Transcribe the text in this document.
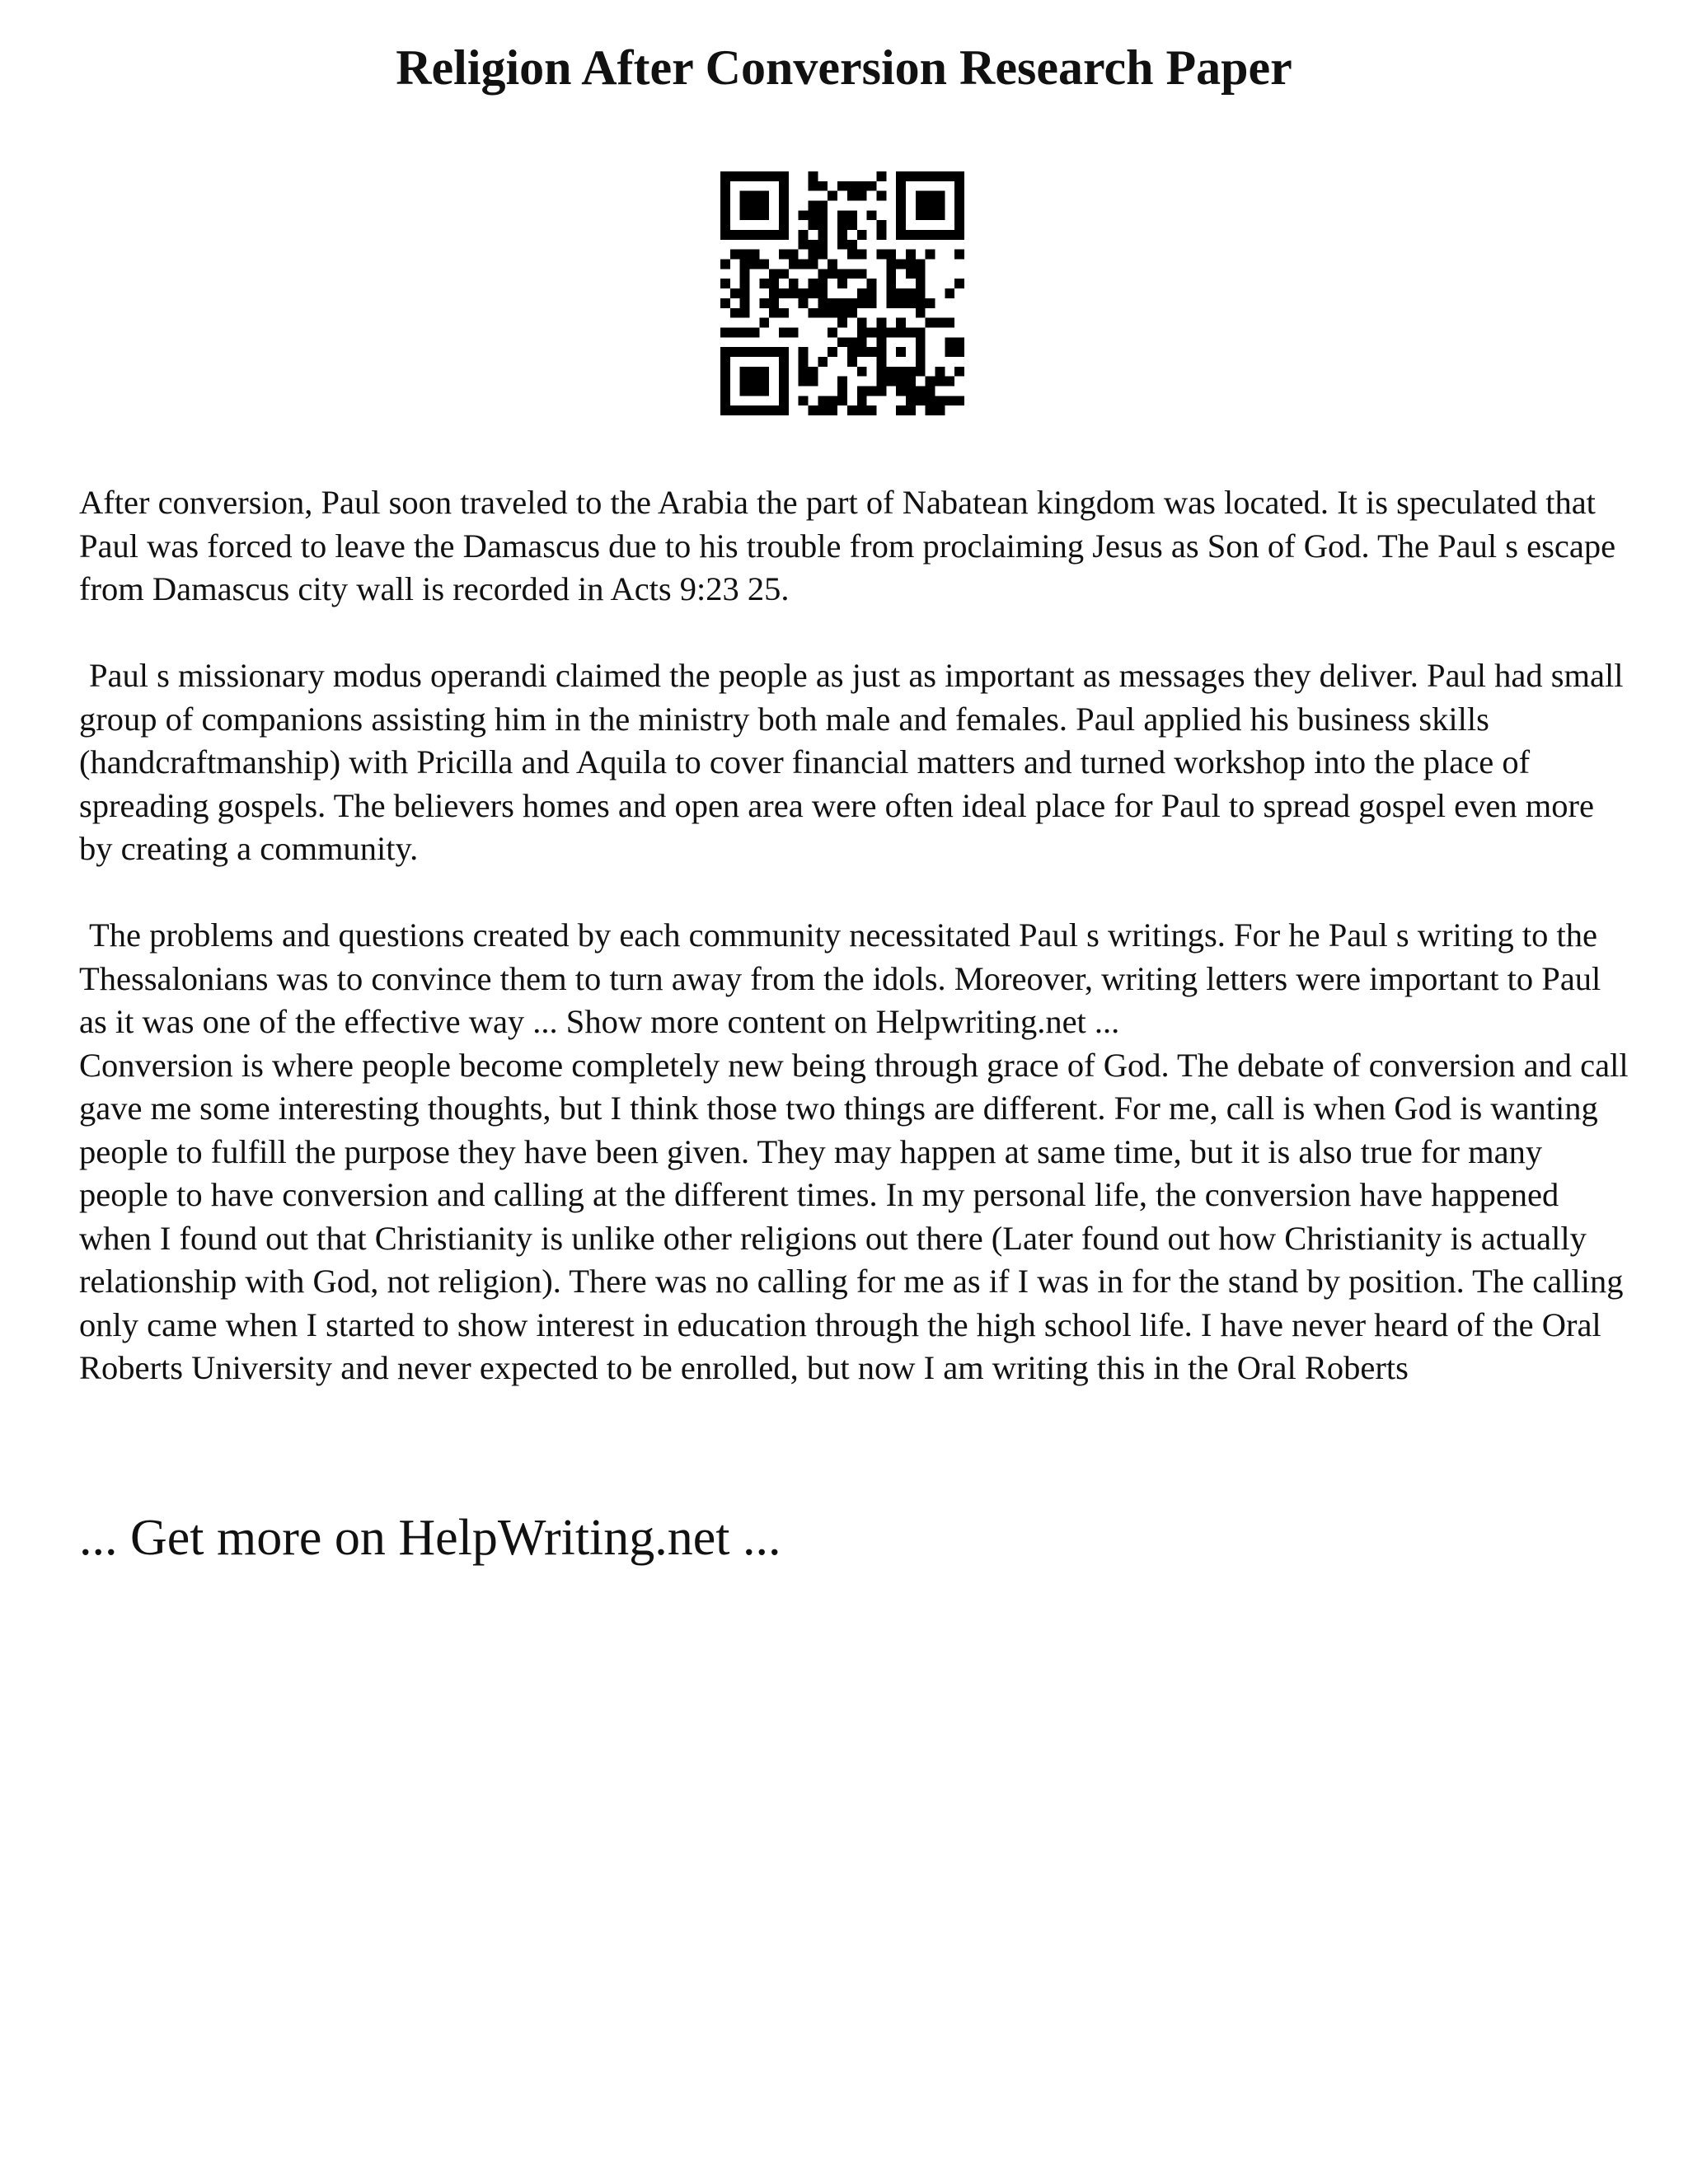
Religion After Conversion Research Paper

After conversion, Paul soon traveled to the Arabia the part of Nabatean kingdom was located. It is speculated that Paul was forced to leave the Damascus due to his trouble from proclaiming Jesus as Son of God. The Paul s escape from Damascus city wall is recorded in Acts 9:23 25.

Paul s missionary modus operandi claimed the people as just as important as messages they deliver. Paul had small group of companions assisting him in the ministry both male and females. Paul applied his business skills (handcraftmanship) with Pricilla and Aquila to cover financial matters and turned workshop into the place of spreading gospels. The believers homes and open area were often ideal place for Paul to spread gospel even more by creating a community.

The problems and questions created by each community necessitated Paul s writings. For he Paul s writing to the Thessalonians was to convince them to turn away from the idols. Moreover, writing letters were important to Paul as it was one of the effective way ... Show more content on Helpwriting.net ...

Conversion is where people become completely new being through grace of God. The debate of conversion and call gave me some interesting thoughts, but I think those two things are different. For me, call is when God is wanting people to fulfill the purpose they have been given. They may happen at same time, but it is also true for many people to have conversion and calling at the different times. In my personal life, the conversion have happened when I found out that Christianity is unlike other religions out there (Later found out how Christianity is actually relationship with God, not religion). There was no calling for me as if I was in for the stand by position. The calling only came when I started to show interest in education through the high school life. I have never heard of the Oral Roberts University and never expected to be enrolled, but now I am writing this in the Oral Roberts

... Get more on HelpWriting.net ...
